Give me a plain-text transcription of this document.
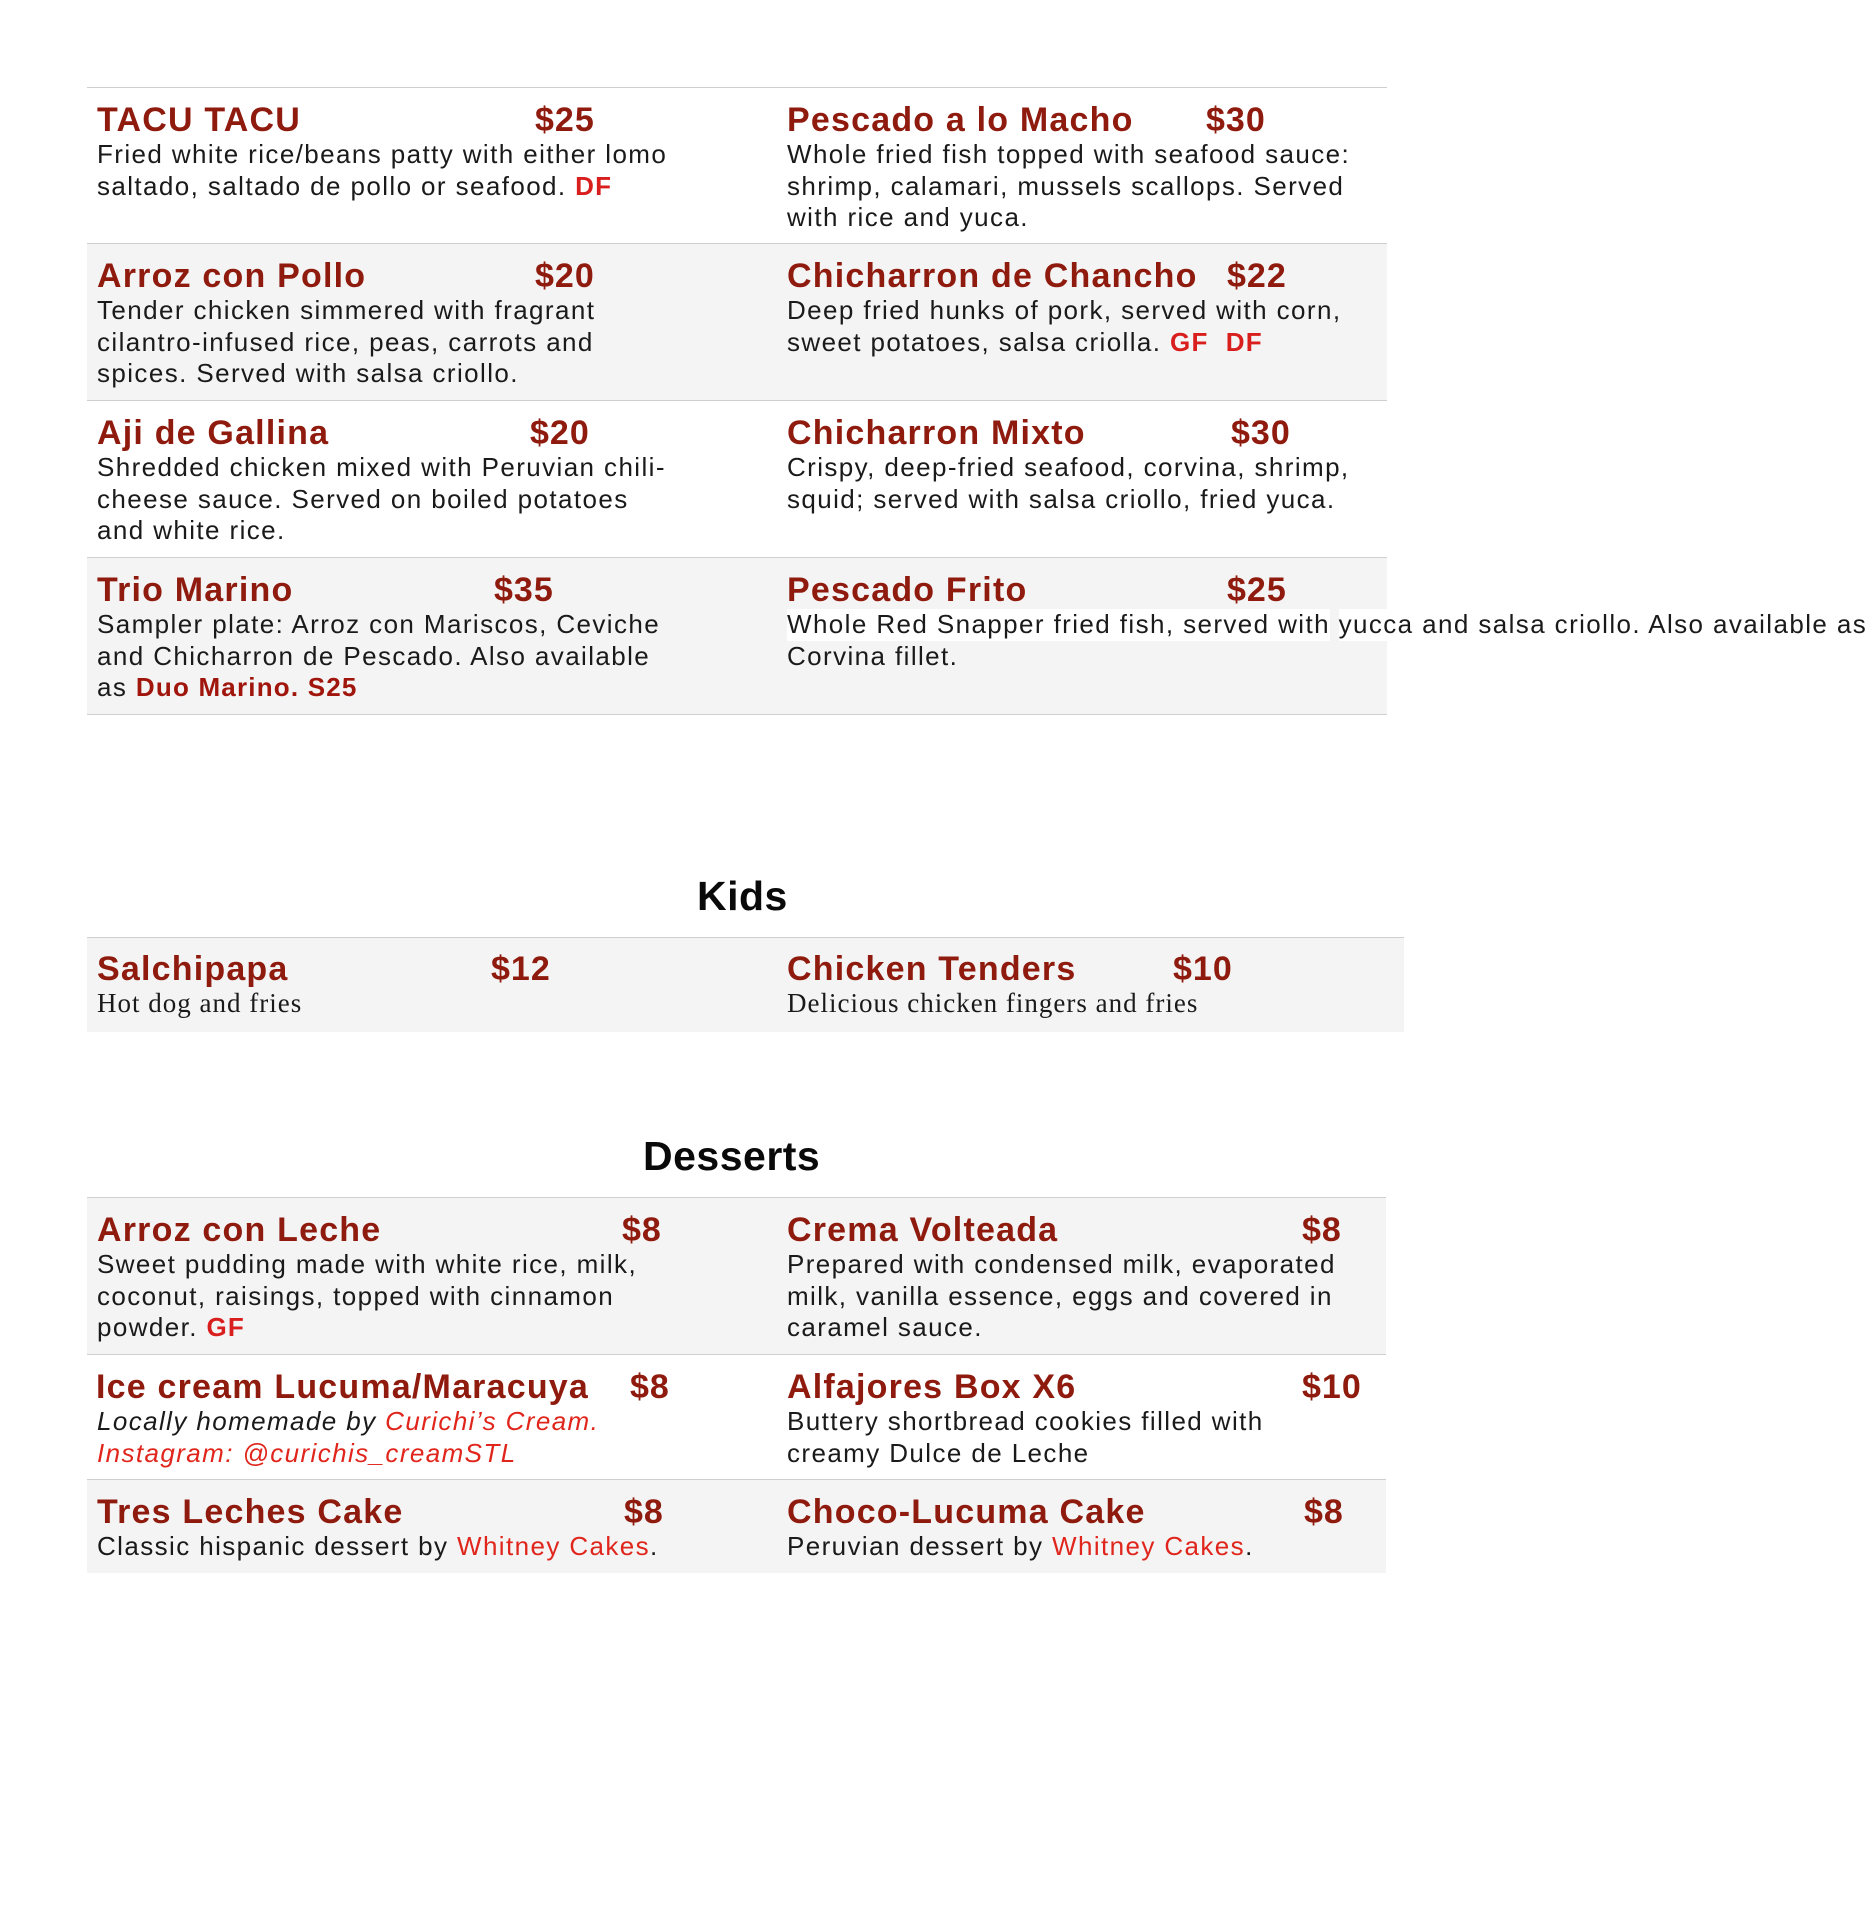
TACU TACU	$25
Fried white rice/beans patty with either lomo
saltado, saltado de pollo or seafood. DF
Pescado a lo Macho $30
Whole fried fish topped with seafood sauce:
shrimp, calamari, mussels scallops. Served
with rice and yuca.
Arroz con Pollo	$20
Tender chicken simmered with fragrant
cilantro-infused rice, peas, carrots and
spices. Served with salsa criollo.
Chicharron de Chancho $22
Deep fried hunks of pork, served with corn,
sweet potatoes, salsa criolla. GF DF
Aji de Gallina	$20
Shredded chicken mixed with Peruvian chili-
cheese sauce. Served on boiled potatoes
and white rice.
Chicharron Mixto	$30
Crispy, deep-fried seafood, corvina, shrimp,
squid; served with salsa criollo, fried yuca.
Trio Marino	$35
Sampler plate: Arroz con Mariscos, Ceviche
and Chicharron de Pescado. Also available
as Duo Marino. S25
Pescado Frito	$25
Whole Red Snapper fried fish, served with yucca and salsa criollo. Also available as
Corvina fillet.
Kids
Salchipapa	$12
Hot dog and fries
Chicken Tenders	$10
Delicious chicken fingers and fries
Desserts
Arroz con Leche	$8
Sweet pudding made with white rice, milk,
coconut, raisings, topped with cinnamon
powder. GF
Crema Volteada	$8
Prepared with condensed milk, evaporated
milk, vanilla essence, eggs and covered in
caramel sauce.
Ice cream Lucuma/Maracuya $8
Locally homemade by Curichi’s Cream.
Instagram: @curichis_creamSTL
Alfajores Box X6	$10
Buttery shortbread cookies filled with
creamy Dulce de Leche
Tres Leches Cake	$8
Classic hispanic dessert by Whitney Cakes.
Choco-Lucuma Cake	$8
Peruvian dessert by Whitney Cakes.
